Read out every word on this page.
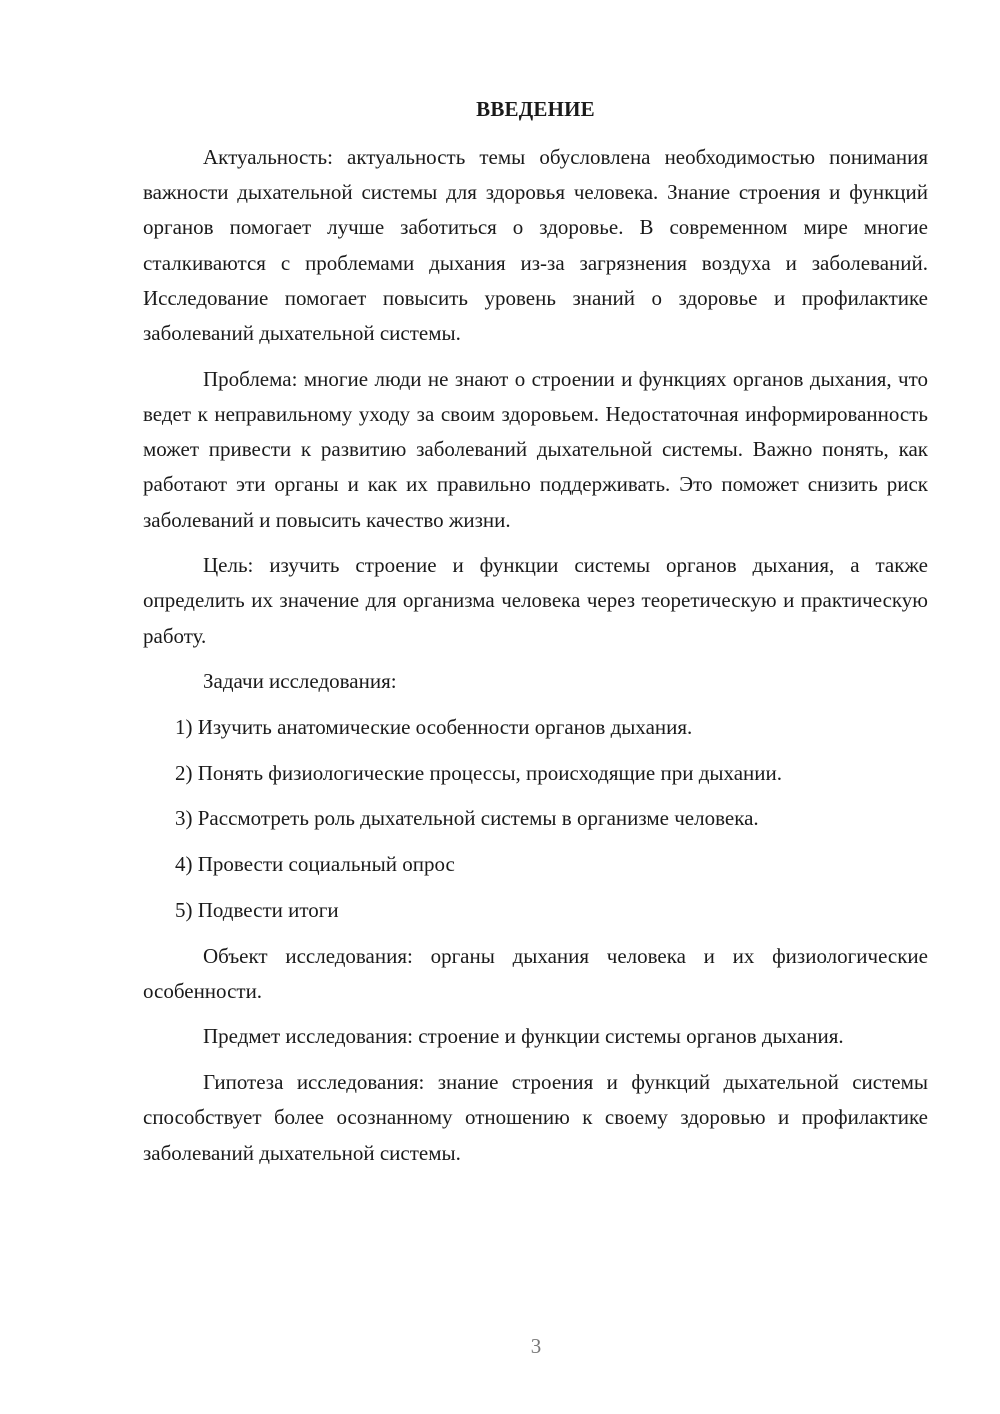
ВВЕДЕНИЕ

Актуальность: актуальность темы обусловлена необходимостью понимания важности дыхательной системы для здоровья человека. Знание строения и функций органов помогает лучше заботиться о здоровье. В современном мире многие сталкиваются с проблемами дыхания из-за загрязнения воздуха и заболеваний. Исследование помогает повысить уровень знаний о здоровье и профилактике заболеваний дыхательной системы.

Проблема: многие люди не знают о строении и функциях органов дыхания, что ведет к неправильному уходу за своим здоровьем. Недостаточная информированность может привести к развитию заболеваний дыхательной системы. Важно понять, как работают эти органы и как их правильно поддерживать. Это поможет снизить риск заболеваний и повысить качество жизни.

Цель: изучить строение и функции системы органов дыхания, а также определить их значение для организма человека через теоретическую и практическую работу.

Задачи исследования:

1) Изучить анатомические особенности органов дыхания.

2) Понять физиологические процессы, происходящие при дыхании.

3) Рассмотреть роль дыхательной системы в организме человека.

4) Провести социальный опрос

5) Подвести итоги

Объект исследования: органы дыхания человека и их физиологические особенности.

Предмет исследования: строение и функции системы органов дыхания.

Гипотеза исследования: знание строения и функций дыхательной системы способствует более осознанному отношению к своему здоровью и профилактике заболеваний дыхательной системы.

3
